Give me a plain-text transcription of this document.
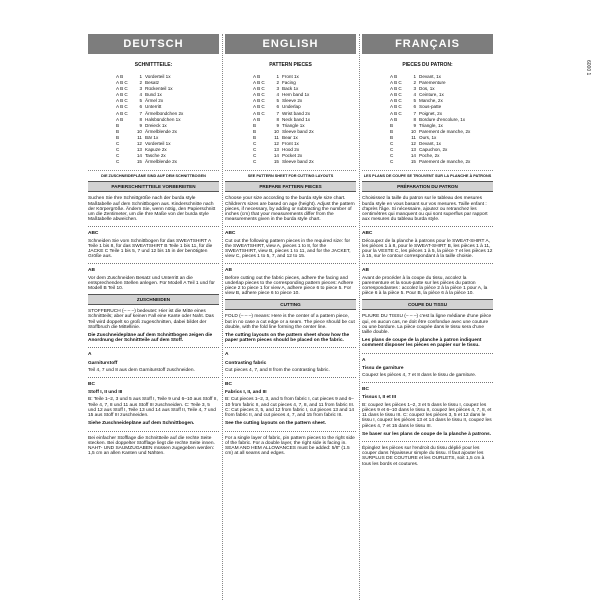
DEUTSCH
SCHNITTTEILE:
A B	1 Vorderteil 1x
A B C	2 Besatz
A B C	3 Rückenteil 1x
A B C	4 Bund 1x
A B C	5 Ärmel 2x
A B C	6 Unterritt
A B C	7 Ärmelbündchen 2x
A B	8 Halsbündchen 1x
B	9 Dreieck 1x
B	10 Ärmelblende 2x
B	11 Bär 1x
C	12 Vorderteil 1x
C	13 Kapuze 2x
C	14 Tasche 2x
C	15 Ärmelblende 2x
DIE ZUSCHNEIDEPLÄNE SIND AUF DEM SCHNITTBOGEN
PAPIERSCHNITTTEILE VORBEREITEN

Suchen Sie Ihre Schnittgröße nach der burda style Maßtabelle auf dem Schnittbogen aus. Kinderschnitte nach der Körpergröße. Ändern Sie, wenn nötig, den Papierschnitt um die Zentimeter, um die Ihre Maße von der burda style Maßtabelle abweichen.

ABC

Schneiden Sie vom Schnittbogen für das SWEATSHIRT A Teile 1 bis 8, für das SWEATSHIRT B Teile 1 bis 11, für die JACKE C Teile 1 bis 5, 7 und 12 bis 15 in der benötigten Größe aus.

AB

Vor dem Zuschneiden Besatz und Unterritt an die entsprechenden Stellen anlegen. Für Modell A Teil 1 und für Modell B Teil 10.

ZUSCHNEIDEN

STOFFBRUCH (– – –) bedeutet: Hier ist die Mitte eines Schnittteils; aber auf keinen Fall eine Kante oder Naht. Das Teil wird doppelt so groß zugeschnitten, dabei bildet der Stoffbruch die Mittellinie.

Die Zuschneidepläne auf dem Schnittbogen zeigen die Anordnung der Schnittteile auf dem Stoff.

A
Garniturstoff

Teil 4, 7 und 8 aus dem Garniturstoff zuschneiden.

BC
Stoff I, II und III

B: Teile 1–2, 3 und 5 aus Stoff I, Teile 9 und 6–10 aus Stoff II, Teile 4, 7, 8 und 11 aus Stoff III zuschneiden. C: Teile 3, 5 und 12 aus Stoff I, Teile 13 und 14 aus Stoff II, Teile 4, 7 und 15 aus Stoff III zuschneiden.

Siehe Zuschneidepläne auf dem Schnittbogen.

Bei einfacher Stofflage die Schnittteile auf die rechte Seite stecken. Bei doppelter Stofflage liegt die rechte Seite innen. NAHT- UND SAUMZUGABEN müssen zugegeben werden: 1,5 cm an allen Kanten und Nähten.

ENGLISH
PATTERN PIECES
A B	1 Front 1x
A B C	2 Facing
A B C	3 Back 1x
A B C	4 Hem band 1x
A B C	5 Sleeve 2x
A B C	6 Underlap
A B C	7 Wrist band 2x
A B	8 Neck band 1x
B	9 Triangle 1x
B	10 Sleeve band 2x
B	11 Bear 1x
C	12 Front 1x
C	13 Hood 2x
C	14 Pocket 2x
C	15 Sleeve band 2x
SEE PATTERN SHEET FOR CUTTING LAYOUTS
PREPARE PATTERN PIECES

Choose your size according to the burda style size chart. Children's sizes are based on age (height). Adjust the pattern pieces, if necessary, by adding or subtracting the number of inches (cm) that your measurements differ from the measurements given in the burda style chart.

ABC

Cut out the following pattern pieces in the required size: for the SWEATSHIRT, view A, pieces 1 to 8, for the SWEATSHIRT, view B, pieces 1 to 11, and for the JACKET, view C, pieces 1 to 5, 7, and 12 to 15.

AB

Before cutting out the fabric pieces, adhere the facing and underlap pieces to the corresponding pattern pieces: Adhere piece 2 to piece 1 for view A, adhere piece 6 to piece 5. For view B, adhere piece 6 to piece 10.

CUTTING

FOLD (– – –) means: Here is the center of a pattern piece, but in no case a cut edge or a seam. The piece should be cut double, with the fold line forming the center line.

The cutting layouts on the pattern sheet show how the paper pattern pieces should be placed on the fabric.

A
Contrasting fabric

Cut pieces 4, 7, and 8 from the contrasting fabric.

BC
Fabrics I, II, and III

B: Cut pieces 1–2, 3, and 5 from fabric I, cut pieces 9 and 6–10 from fabric II, and cut pieces 4, 7, 8, and 11 from fabric III. C: Cut pieces 3, 5, and 12 from fabric I, cut pieces 13 and 14 from fabric II, and cut pieces 4, 7, and 15 from fabric III.

See the cutting layouts on the pattern sheet.

For a single layer of fabric, pin pattern pieces to the right side of the fabric. For a double layer, the right side is facing in. SEAM AND HEM ALLOWANCES must be added: 5/8" (1.5 cm) at all seams and edges.

FRANÇAIS
PIECES DU PATRON:
A B	1 Devant, 1x
A B C	2 Parementure
A B C	3 Dos, 1x
A B C	4 Ceinture, 1x
A B C	5 Manche, 2x
A B C	6 Sous-patte
A B C	7 Poignet, 2x
A B	8 Bordure d'encolure, 1x
B	9 Triangle, 1x
B	10 Parement de manche, 2x
B	11 Ours, 1x
C	12 Devant, 1x
C	13 Capuchon, 2x
C	14 Poche, 2x
C	15 Parement de manche, 2x
LES PLANS DE COUPE SE TROUVENT SUR LA PLANCHE À PATRONS
PRÉPARATION DU PATRON

Choisissez la taille du patron sur le tableau des mesures burda style en vous basant sur vos mesures. Taille enfant : d'après l'âge. Si nécessaire, ajoutez ou retranchez les centimètres qui manquent ou qui sont superflus par rapport aux mesures du tableau burda style.

ABC

Découpez de la planche à patrons pour le SWEAT-SHIRT A, les pièces 1 à 8, pour le SWEAT-SHIRT B, les pièces 1 à 11, pour la VESTE C, les pièces 1 à 5, la pièce 7 et les pièces 12 à 15, sur le contour correspondant à la taille choisie.

AB

Avant de procéder à la coupe du tissu, accolez la parementure et la sous-patte sur les pièces du patron correspondantes : accolez la pièce 2 à la pièce 1 pour A, la pièce 6 à la pièce 5. Pour B, la pièce 6 à la pièce 10.

COUPE DU TISSU

PLIURE DU TISSU (– – –) c'est la ligne médiane d'une pièce qui, en aucun cas, ne doit être confondue avec une couture ou une bordure. La pièce coupée dans le tissu sera d'une taille double.

Les plans de coupe de la planche à patron indiquent comment disposer les pièces en papier sur le tissu.

A
Tissu de garniture

Coupez les pièces 4, 7 et 8 dans le tissu de garniture.

BC
Tissus I, II et III

B: coupez les pièces 1–2, 3 et 5 dans le tissu I, coupez les pièces 9 et 6–10 dans le tissu II, coupez les pièces 4, 7, 8, et 11 dans le tissu III. C: coupez les pièces 3, 5 et 12 dans le tissu I, coupez les pièces 13 et 14 dans le tissu II, coupez les pièces 4, 7 et 15 dans le tissu III.

Se baser sur les plans de coupe de la planche à patrons.

Épinglez les pièces sur l'endroit du tissu déplié pour les couper dans l'épaisseur simple du tissu. Il faut ajouter les SURPLUS DE COUTURE et les OURLETS, soit 1,5 cm à tous les bords et coutures.

6000 1
